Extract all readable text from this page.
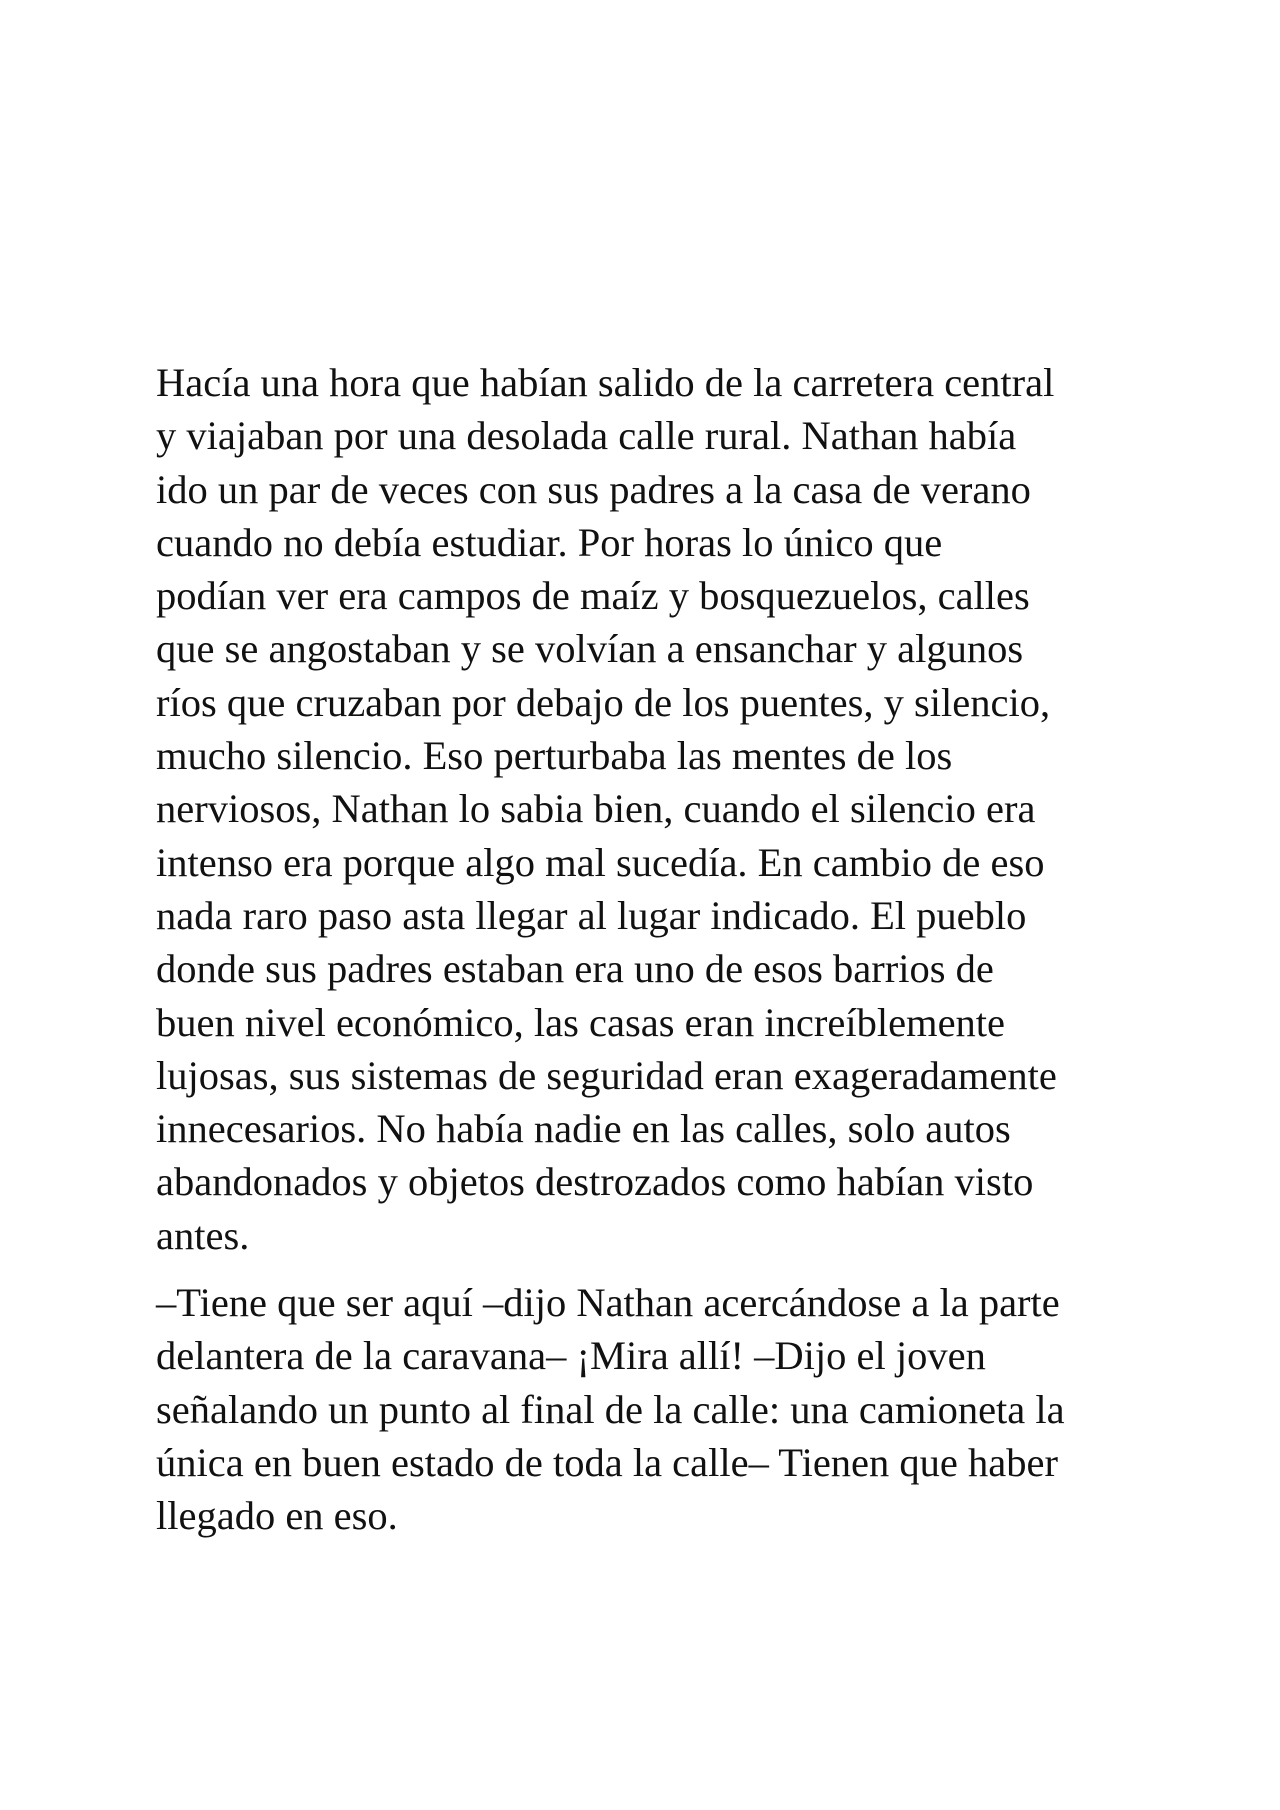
Hacía una hora que habían salido de la carretera central
y viajaban por una desolada calle rural. Nathan había
ido un par de veces con sus padres a la casa de verano
cuando no debía estudiar. Por horas lo único que
podían ver era campos de maíz y bosquezuelos, calles
que se angostaban y se volvían a ensanchar y algunos
ríos que cruzaban por debajo de los puentes, y silencio,
mucho silencio. Eso perturbaba las mentes de los
nerviosos, Nathan lo sabia bien, cuando el silencio era
intenso era porque algo mal sucedía. En cambio de eso
nada raro paso asta llegar al lugar indicado. El pueblo
donde sus padres estaban era uno de esos barrios de
buen nivel económico, las casas eran increíblemente
lujosas, sus sistemas de seguridad eran exageradamente
innecesarios. No había nadie en las calles, solo autos
abandonados y objetos destrozados como habían visto
antes.
–Tiene que ser aquí –dijo Nathan acercándose a la parte
delantera de la caravana– ¡Mira allí! –Dijo el joven
señalando un punto al final de la calle: una camioneta la
única en buen estado de toda la calle– Tienen que haber
llegado en eso.
